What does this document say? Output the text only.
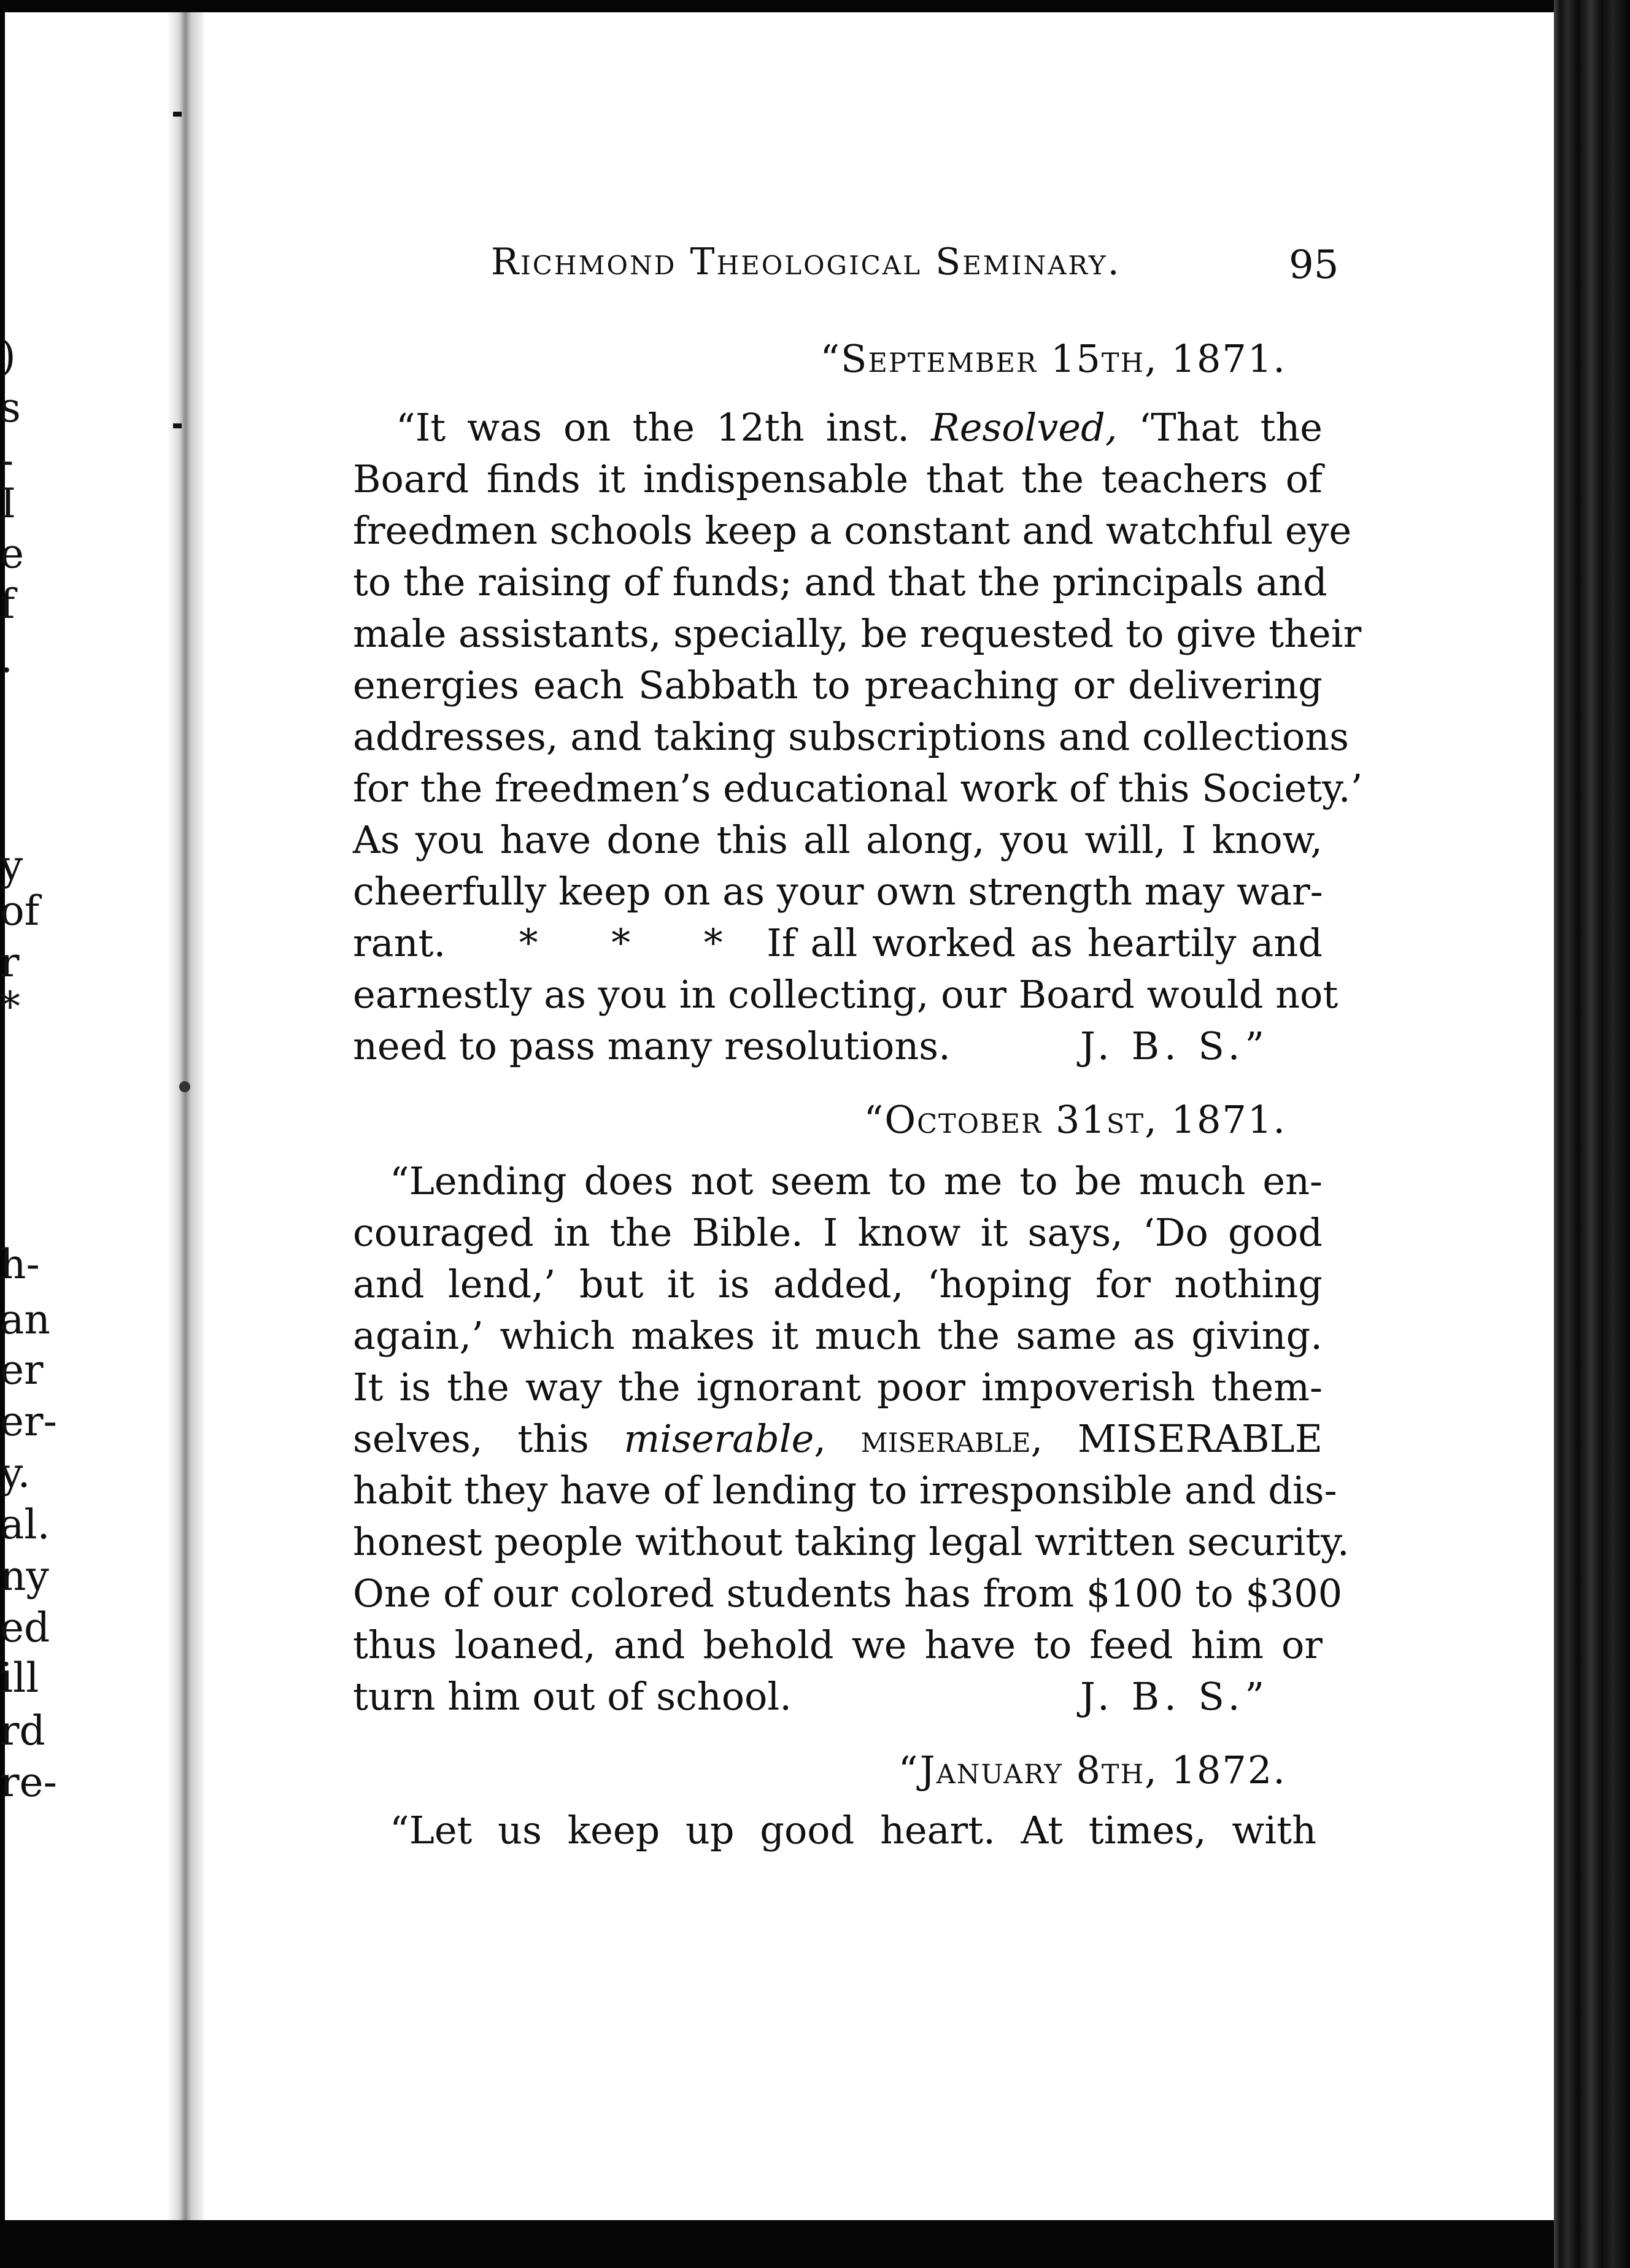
)
s
-
I
e
f
.
y
of
r
*
h-
an
er
er-
y.
al.
ny
ed
ill
rd
re-
Richmond Theological Seminary.	95
“September 15th, 1871.
“It was on the 12th inst. Resolved, ‘That the
Board finds it indispensable that the teachers of
freedmen schools keep a constant and watchful eye
to the raising of funds; and that the principals and
male assistants, specially, be requested to give their
energies each Sabbath to preaching or delivering
addresses, and taking subscriptions and collections
for the freedmen’s educational work of this Society.’
As you have done this all along, you will, I know,
cheerfully keep on as your own strength may war-
rant.     *     *     *   If all worked as heartily and
earnestly as you in collecting, our Board would not
need to pass many resolutions.	J. B. S.”
“October 31st, 1871.
“Lending does not seem to me to be much en-
couraged in the Bible. I know it says, ‘Do good
and lend,’ but it is added, ‘hoping for nothing
again,’ which makes it much the same as giving.
It is the way the ignorant poor impoverish them-
selves, this miserable, miserable, MISERABLE
habit they have of lending to irresponsible and dis-
honest people without taking legal written security.
One of our colored students has from $100 to $300
thus loaned, and behold we have to feed him or
turn him out of school.	J. B. S.”
“January 8th, 1872.
“Let us keep up good heart. At times, with
